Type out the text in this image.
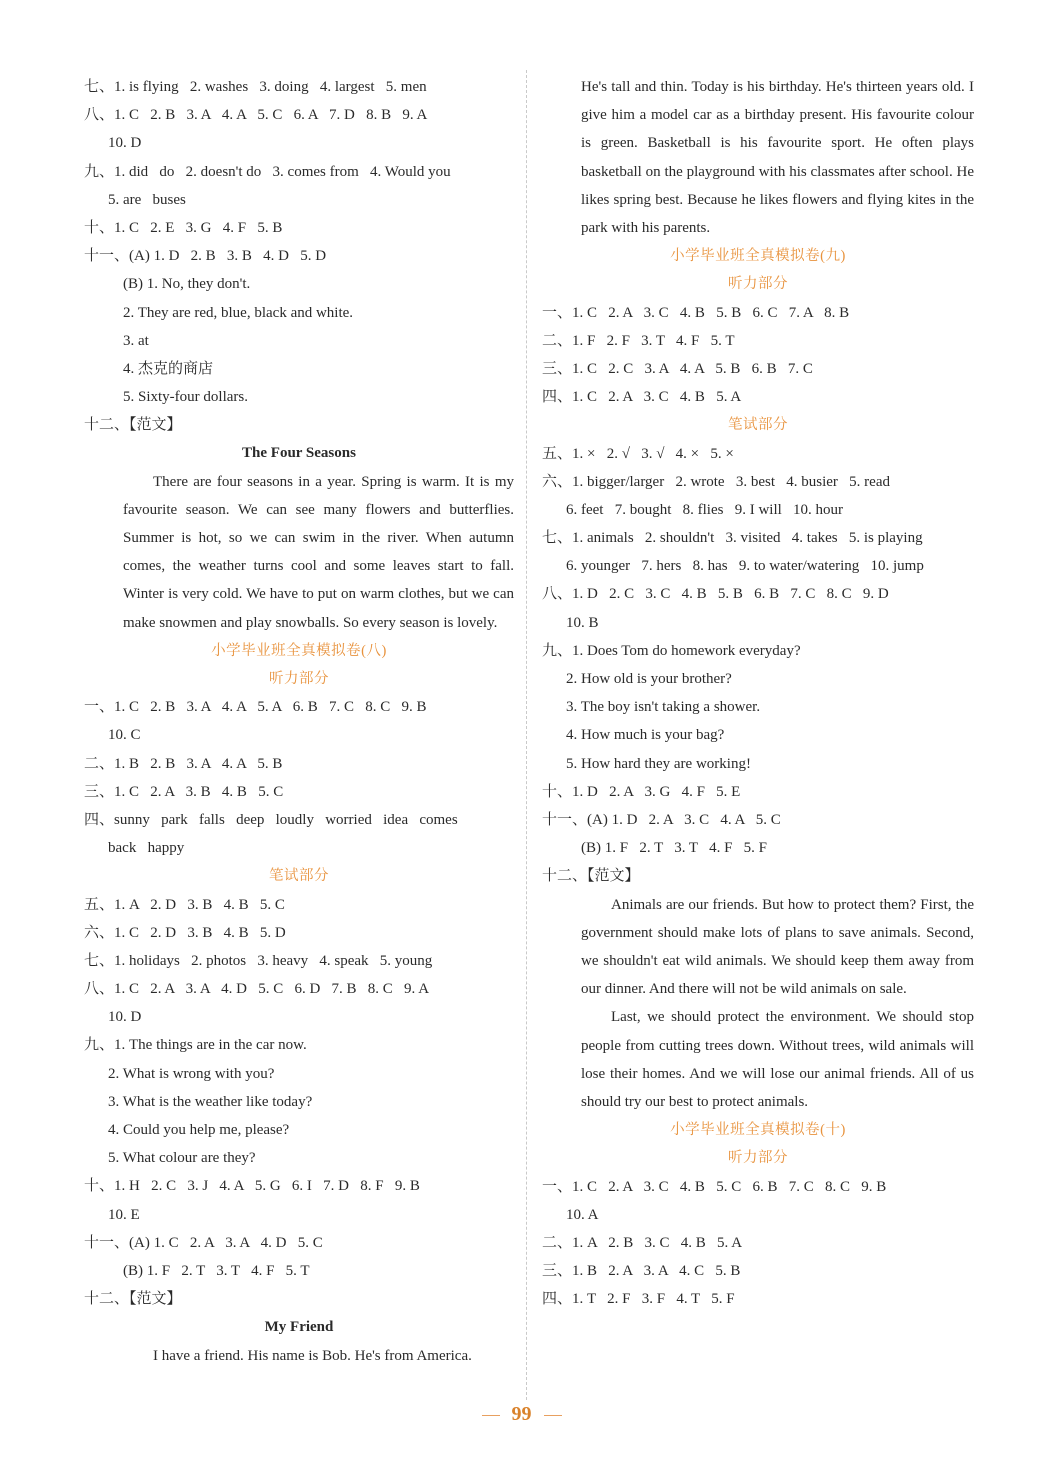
七、1. is flying   2. washes   3. doing   4. largest   5. men
八、1. C   2. B   3. A   4. A   5. C   6. A   7. D   8. B   9. A
10. D
九、1. did   do   2. doesn't do   3. comes from   4. Would you
5. are   buses
十、1. C   2. E   3. G   4. F   5. B
十一、(A) 1. D   2. B   3. B   4. D   5. D
(B) 1. No, they don't.
2. They are red, blue, black and white.
3. at
4. 杰克的商店
5. Sixty-four dollars.
十二、【范文】
The Four Seasons
There are four seasons in a year. Spring is warm. It is my favourite season. We can see many flowers and butterflies. Summer is hot, so we can swim in the river. When autumn comes, the weather turns cool and some leaves start to fall. Winter is very cold. We have to put on warm clothes, but we can make snowmen and play snowballs. So every season is lovely.
小学毕业班全真模拟卷(八)
听力部分
一、1. C   2. B   3. A   4. A   5. A   6. B   7. C   8. C   9. B
10. C
二、1. B   2. B   3. A   4. A   5. B
三、1. C   2. A   3. B   4. B   5. C
四、sunny   park   falls   deep   loudly   worried   idea   comes
back   happy
笔试部分
五、1. A   2. D   3. B   4. B   5. C
六、1. C   2. D   3. B   4. B   5. D
七、1. holidays   2. photos   3. heavy   4. speak   5. young
八、1. C   2. A   3. A   4. D   5. C   6. D   7. B   8. C   9. A
10. D
九、1. The things are in the car now.
2. What is wrong with you?
3. What is the weather like today?
4. Could you help me, please?
5. What colour are they?
十、1. H   2. C   3. J   4. A   5. G   6. I   7. D   8. F   9. B
10. E
十一、(A) 1. C   2. A   3. A   4. D   5. C
(B) 1. F   2. T   3. T   4. F   5. T
十二、【范文】
My Friend
I have a friend. His name is Bob. He's from America.
He's tall and thin. Today is his birthday. He's thirteen years old. I give him a model car as a birthday present. His favourite colour is green. Basketball is his favourite sport. He often plays basketball on the playground with his classmates after school. He likes spring best. Because he likes flowers and flying kites in the park with his parents.
小学毕业班全真模拟卷(九)
听力部分
一、1. C   2. A   3. C   4. B   5. B   6. C   7. A   8. B
二、1. F   2. F   3. T   4. F   5. T
三、1. C   2. C   3. A   4. A   5. B   6. B   7. C
四、1. C   2. A   3. C   4. B   5. A
笔试部分
五、1. ×   2. √   3. √   4. ×   5. ×
六、1. bigger/larger   2. wrote   3. best   4. busier   5. read
6. feet   7. bought   8. flies   9. I will   10. hour
七、1. animals   2. shouldn't   3. visited   4. takes   5. is playing
6. younger   7. hers   8. has   9. to water/watering   10. jump
八、1. D   2. C   3. C   4. B   5. B   6. B   7. C   8. C   9. D
10. B
九、1. Does Tom do homework everyday?
2. How old is your brother?
3. The boy isn't taking a shower.
4. How much is your bag?
5. How hard they are working!
十、1. D   2. A   3. G   4. F   5. E
十一、(A) 1. D   2. A   3. C   4. A   5. C
(B) 1. F   2. T   3. T   4. F   5. F
十二、【范文】
Animals are our friends. But how to protect them? First, the government should make lots of plans to save animals. Second, we shouldn't eat wild animals. We should keep them away from our dinner. And there will not be wild animals on sale.
Last, we should protect the environment. We should stop people from cutting trees down. Without trees, wild animals will lose their homes. And we will lose our animal friends. All of us should try our best to protect animals.
小学毕业班全真模拟卷(十)
听力部分
一、1. C   2. A   3. C   4. B   5. C   6. B   7. C   8. C   9. B
10. A
二、1. A   2. B   3. C   4. B   5. A
三、1. B   2. A   3. A   4. C   5. B
四、1. T   2. F   3. F   4. T   5. F
99
